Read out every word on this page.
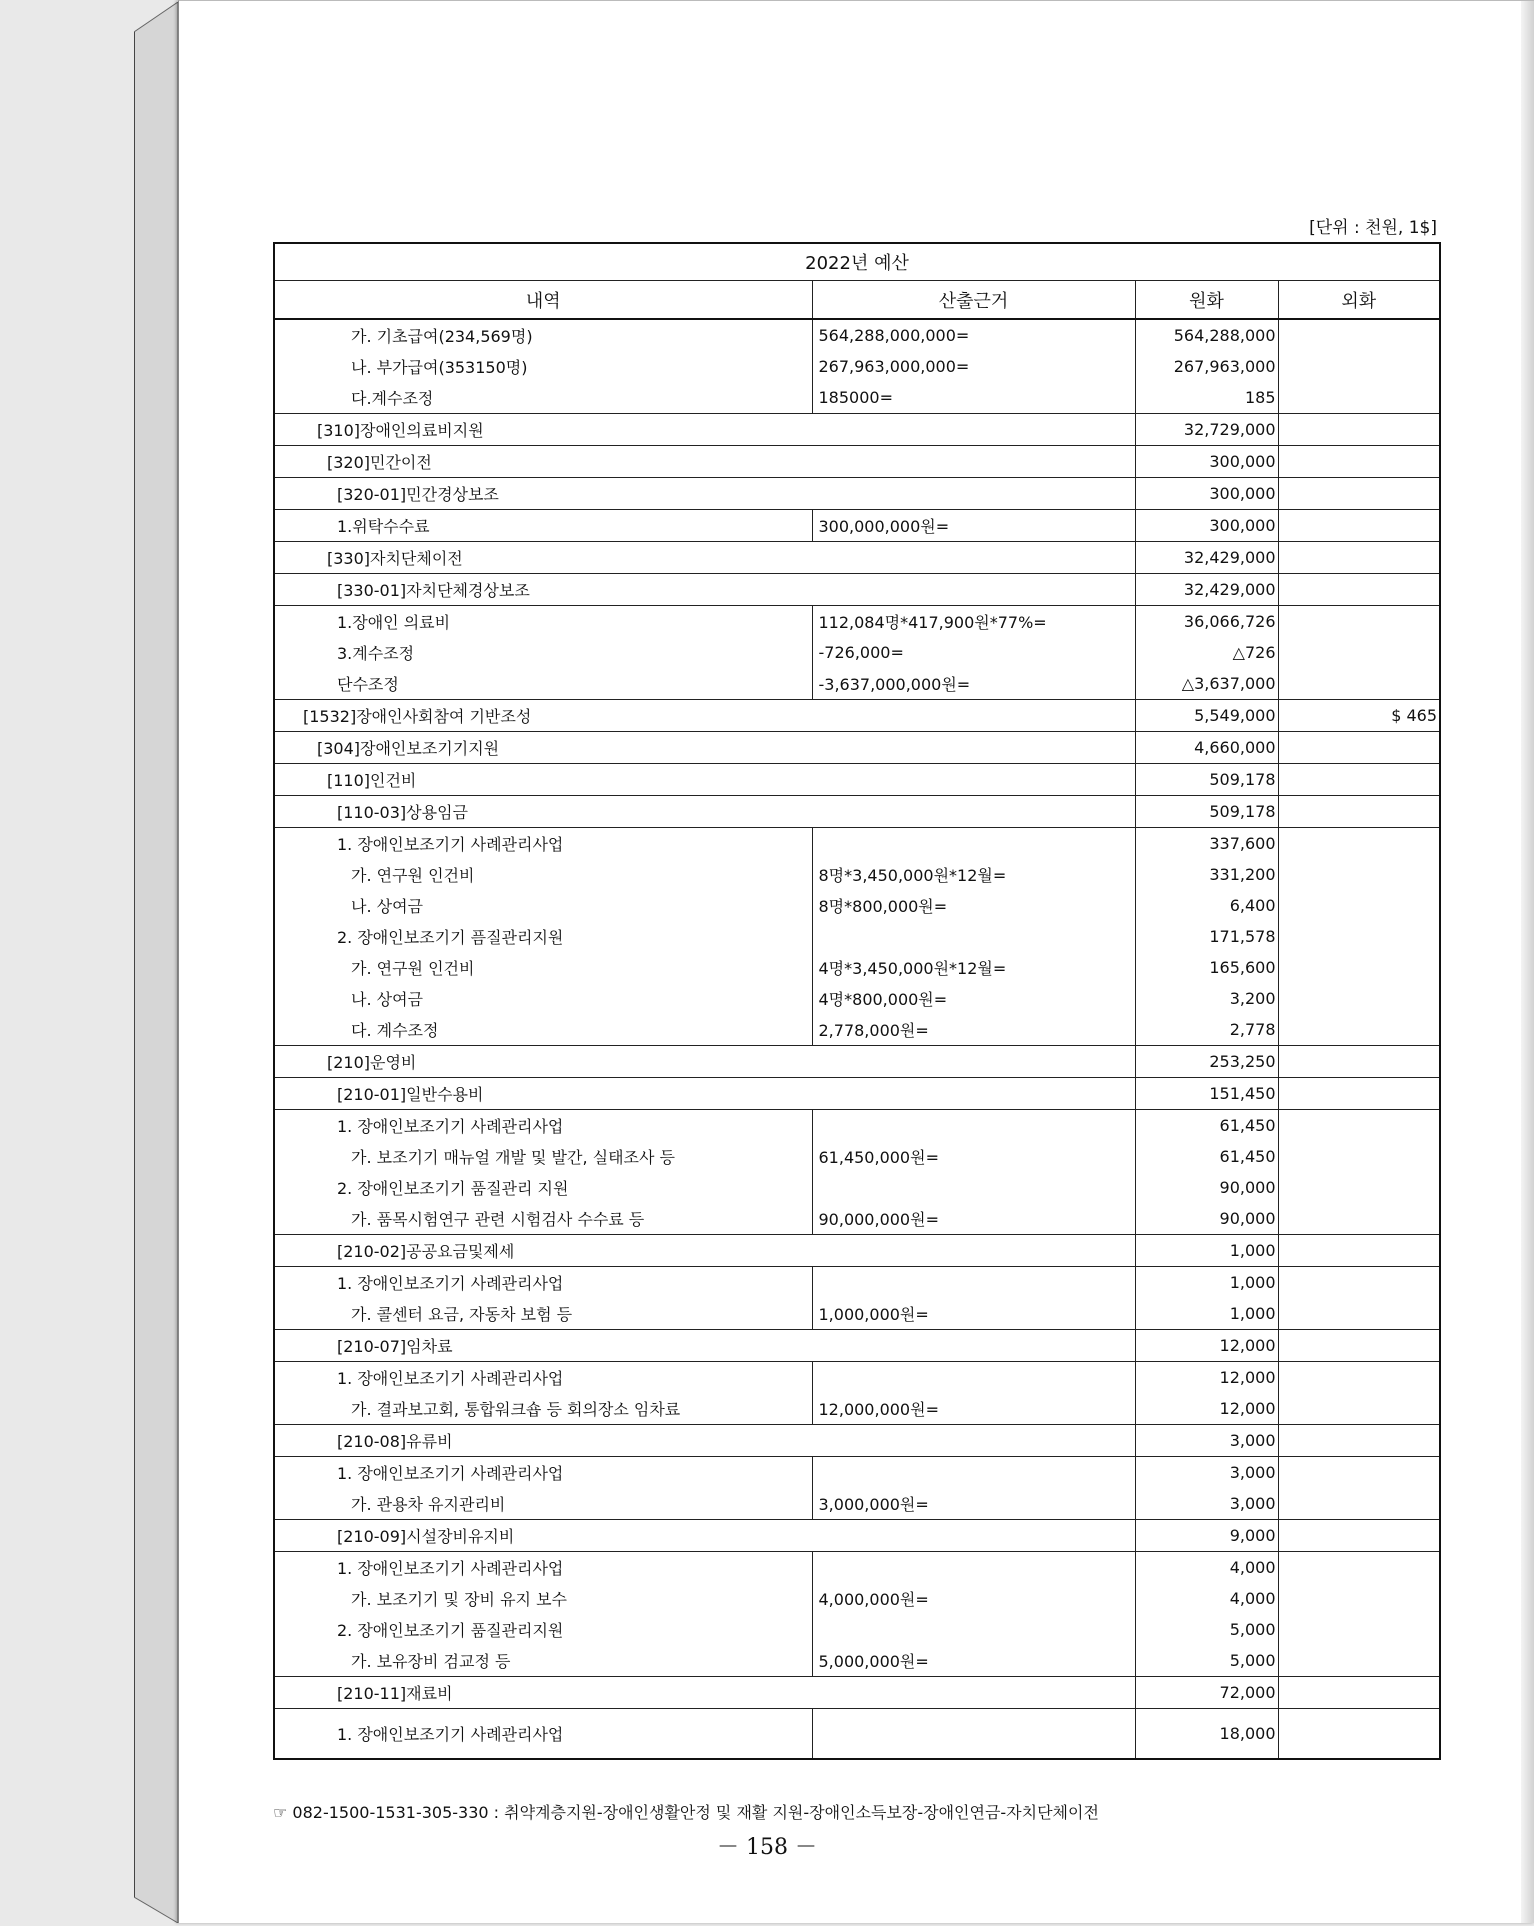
[단위 : 천원, 1$]
2022년 예산			
내역	산출근거	원화	외화
가. 기초급여(234,569명)	564,288,000,000=	564,288,000	
나. 부가급여(353150명)	267,963,000,000=	267,963,000	
다.계수조정	185000=	185	
[310]장애인의료비지원		32,729,000	
[320]민간이전		300,000	
[320-01]민간경상보조		300,000	
1.위탁수수료	300,000,000원=	300,000	
[330]자치단체이전		32,429,000	
[330-01]자치단체경상보조		32,429,000	
1.장애인 의료비	112,084명*417,900원*77%=	36,066,726	
3.계수조정	-726,000=	△726	
단수조정	-3,637,000,000원=	△3,637,000	
[1532]장애인사회참여 기반조성		5,549,000	$ 465
[304]장애인보조기기지원		4,660,000	
[110]인건비		509,178	
[110-03]상용임금		509,178	
1. 장애인보조기기 사례관리사업		337,600	
가. 연구원 인건비	8명*3,450,000원*12월=	331,200	
나. 상여금	8명*800,000원=	6,400	
2. 장애인보조기기 픔질관리지원		171,578	
가. 연구원 인건비	4명*3,450,000원*12월=	165,600	
나. 상여금	4명*800,000원=	3,200	
다. 계수조정	2,778,000원=	2,778	
[210]운영비		253,250	
[210-01]일반수용비		151,450	
1. 장애인보조기기 사례관리사업		61,450	
가. 보조기기 매뉴얼 개발 및 발간, 실태조사 등	61,450,000원=	61,450	
2. 장애인보조기기 품질관리 지원		90,000	
가. 품목시험연구 관련 시험검사 수수료 등	90,000,000원=	90,000	
[210-02]공공요금및제세		1,000	
1. 장애인보조기기 사례관리사업		1,000	
가. 콜센터 요금, 자동차 보험 등	1,000,000원=	1,000	
[210-07]임차료		12,000	
1. 장애인보조기기 사례관리사업		12,000	
가. 결과보고회, 통합워크숍 등 회의장소 임차료	12,000,000원=	12,000	
[210-08]유류비		3,000	
1. 장애인보조기기 사례관리사업		3,000	
가. 관용차 유지관리비	3,000,000원=	3,000	
[210-09]시설장비유지비		9,000	
1. 장애인보조기기 사례관리사업		4,000	
가. 보조기기 및 장비 유지 보수	4,000,000원=	4,000	
2. 장애인보조기기 품질관리지원		5,000	
가. 보유장비 검교정 등	5,000,000원=	5,000	
[210-11]재료비		72,000	
1. 장애인보조기기 사례관리사업		18,000	
☞ 082-1500-1531-305-330 : 취약계층지원-장애인생활안정 및 재활 지원-장애인소득보장-장애인연금-자치단체이전
－ 158 －
